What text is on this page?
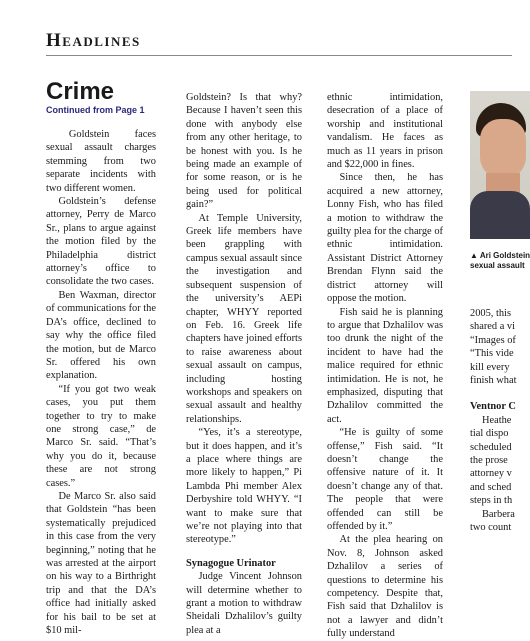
Headlines
Crime
Continued from Page 1

Goldstein faces sexual assault charges stemming from two separate incidents with two different women.

Goldstein’s defense attorney, Perry de Marco Sr., plans to argue against the motion filed by the Philadelphia district attorney’s office to consolidate the two cases.

Ben Waxman, director of communications for the DA’s office, declined to say why the office filed the motion, but de Marco Sr. offered his own explanation.

“If you got two weak cases, you put them together to try to make one strong case,” de Marco Sr. said. “That’s why you do it, because these are not strong cases.”

De Marco Sr. also said that Goldstein “has been systematically prejudiced in this case from the very beginning,” noting that he was arrested at the airport on his way to a Birthright trip and that the DA’s office had initially asked for his bail to be set at $10 mil-

Goldstein? Is that why? Because I haven’t seen this done with anybody else from any other heritage, to be honest with you. Is he being made an example of for some reason, or is he being used for political gain?”

At Temple University, Greek life members have been grappling with campus sexual assault since the investigation and subsequent suspension of the university’s AEPi chapter, WHYY reported on Feb. 16. Greek life chapters have joined efforts to raise awareness about sexual assault on campus, including hosting workshops and speakers on sexual assault and healthy relationships.

“Yes, it’s a stereotype, but it does happen, and it’s a place where things are more likely to happen,” Pi Lambda Phi member Alex Derbyshire told WHYY. “I want to make sure that we’re not playing into that stereotype.”

Synagogue Urinator

Judge Vincent Johnson will determine whether to grant a motion to withdraw Sheidali Dzhalilov’s guilty plea at a

ethnic intimidation, desecration of a place of worship and institutional vandalism. He faces as much as 11 years in prison and $22,000 in fines.

Since then, he has acquired a new attorney, Lonny Fish, who has filed a motion to withdraw the guilty plea for the charge of ethnic intimidation. Assistant District Attorney Brendan Flynn said the district attorney will oppose the motion.

Fish said he is planning to argue that Dzhalilov was too drunk the night of the incident to have had the malice required for ethnic intimidation. He is not, he emphasized, disputing that Dzhalilov committed the act.

“He is guilty of some offense,” Fish said. “It doesn’t change the offensive nature of it. It doesn’t change any of that. The people that were offended can still be offended by it.”

At the plea hearing on Nov. 8, Johnson asked Dzhalilov a series of questions to determine his competency. Despite that, Fish said that Dzhalilov is not a lawyer and didn’t fully understand

▲ Ari Goldstein
sexual assault
2005, this
shared a vi
“Images of
“This vide
kill every
finish what
Ventnor C
Heathe
tial dispo
scheduled
the prose
attorney v
and sched
steps in th
Barbera
two count
